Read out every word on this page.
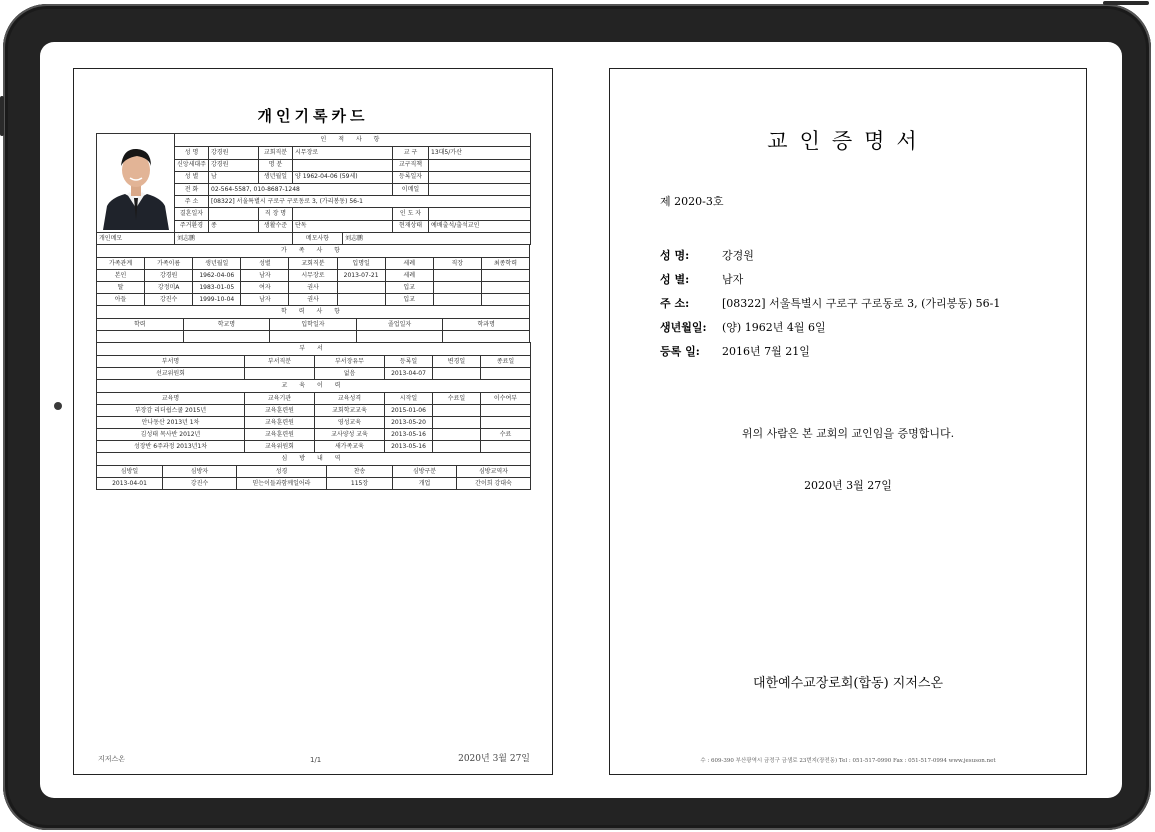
개인기록카드
	인 적 사 항						
	성 명	강경원	교회직분	시무장로		교 구	13대5/가산
	신앙세대주	강경원	명 분			교구직책	
	성 별	남	생년월일	양 1962-04-06 (59세)		등록일자	
	전 화	02-564-5587, 010-8687-1248				이메일	
	주 소	[08322] 서울특별시 구로구 구로동로 3, (가리봉동) 56-1					
	결혼일자		직 장 명			인 도 자	
	주거환경	종	생활수준	단독		현재상태	예배출석/출석교인
개인메모	刘志鹏			메모사항	刘志鹏		
가 족 사 항								
가족관계	가족이름	생년월일	성별	교회직분	입명일	세례	직장	최종학력
본인	강경원	1962-04-06	남자	시무장로	2013-07-21	세례		
딸	강정미A	1983-01-05	여자	권사		입교		
아들	강진수	1999-10-04	남자	권사		입교		
학 력 사 항				
학력	학교명	입학일자	졸업일자	학과명

부 서					
부서명	부서직분	부서장유무	등록일	변경일	종료일
선교위원회		없음	2013-04-07		
교 육 이 력					
교육명	교육기관	교육성격	시작일	수료일	이수여부
부장감 리더쉽스쿨 2015년	교육훈련원	교회학교교육	2015-01-06		
안나동산 2013년 1차	교육훈련원	영성교육	2013-05-20		
김성태 목사반 2012년	교육훈련원	교사양성 교육	2013-05-16		수료
성장반 6주과정 2013년1차	교육위원회	새가족교육	2013-05-16		
심 방 내 역					
심방일	심방자	성경	찬송	심방구분	심방교역자
2013-04-01	강진수	믿는이들과함께일어라	115장	개업	간이희 강대숙
지저스온	1/1	2020년 3월 27일
교인증명서
제 2020-3호
성 명:	강경원
성 별:	남자
주 소:	[08322] 서울특별시 구로구 구로동로 3, (가리봉동) 56-1
생년월일:	(양) 1962년 4월 6일
등록 일:	2016년 7월 21일
위의 사람은 본 교회의 교인임을 증명합니다.
2020년 3월 27일
대한예수교장로회(합동) 지저스온
수 : 609-390 부산광역시 금정구 금샘로 23번지(장전동) Tel : 051-517-0990 Fax : 051-517-0994 www.jesuson.net
